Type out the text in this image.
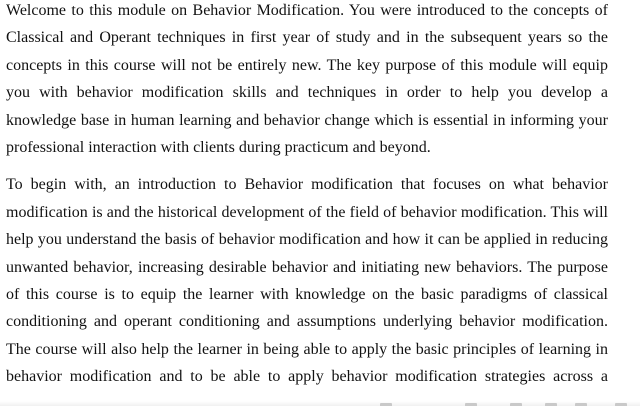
Welcome to this module on Behavior Modification. You were introduced to the concepts of
Classical and Operant techniques in first year of study and in the subsequent years so the
concepts in this course will not be entirely new. The key purpose of this module will equip
you with behavior modification skills and techniques in order to help you develop a
knowledge base in human learning and behavior change which is essential in informing your
professional interaction with clients during practicum and beyond.

To begin with, an introduction to Behavior modification that focuses on what behavior
modification is and the historical development of the field of behavior modification. This will
help you understand the basis of behavior modification and how it can be applied in reducing
unwanted behavior, increasing desirable behavior and initiating new behaviors. The purpose
of this course is to equip the learner with knowledge on the basic paradigms of classical
conditioning and operant conditioning and assumptions underlying behavior modification.
The course will also help the learner in being able to apply the basic principles of learning in
behavior modification and to be able to apply behavior modification strategies across a
